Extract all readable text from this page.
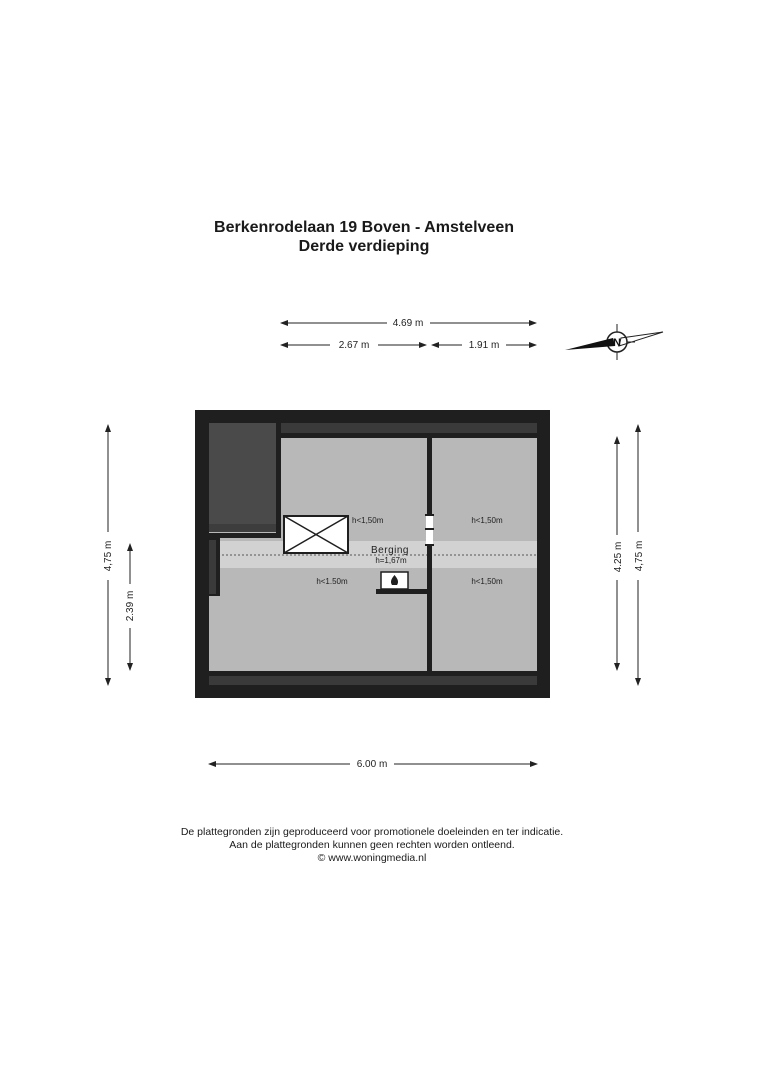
Berkenrodelaan 19 Boven - Amstelveen
Derde verdieping
4.69 m
2.67 m	1.91 m	N
4,75 m
2.39 m
4.25 m 4,75 m
h<1,50m	h<1,50m
Berging
h=1,67m
h<1.50m	h<1,50m
6.00 m
De plattegronden zijn geproduceerd voor promotionele doeleinden en ter indicatie.
Aan de plattegronden kunnen geen rechten worden ontleend.
© www.woningmedia.nl
